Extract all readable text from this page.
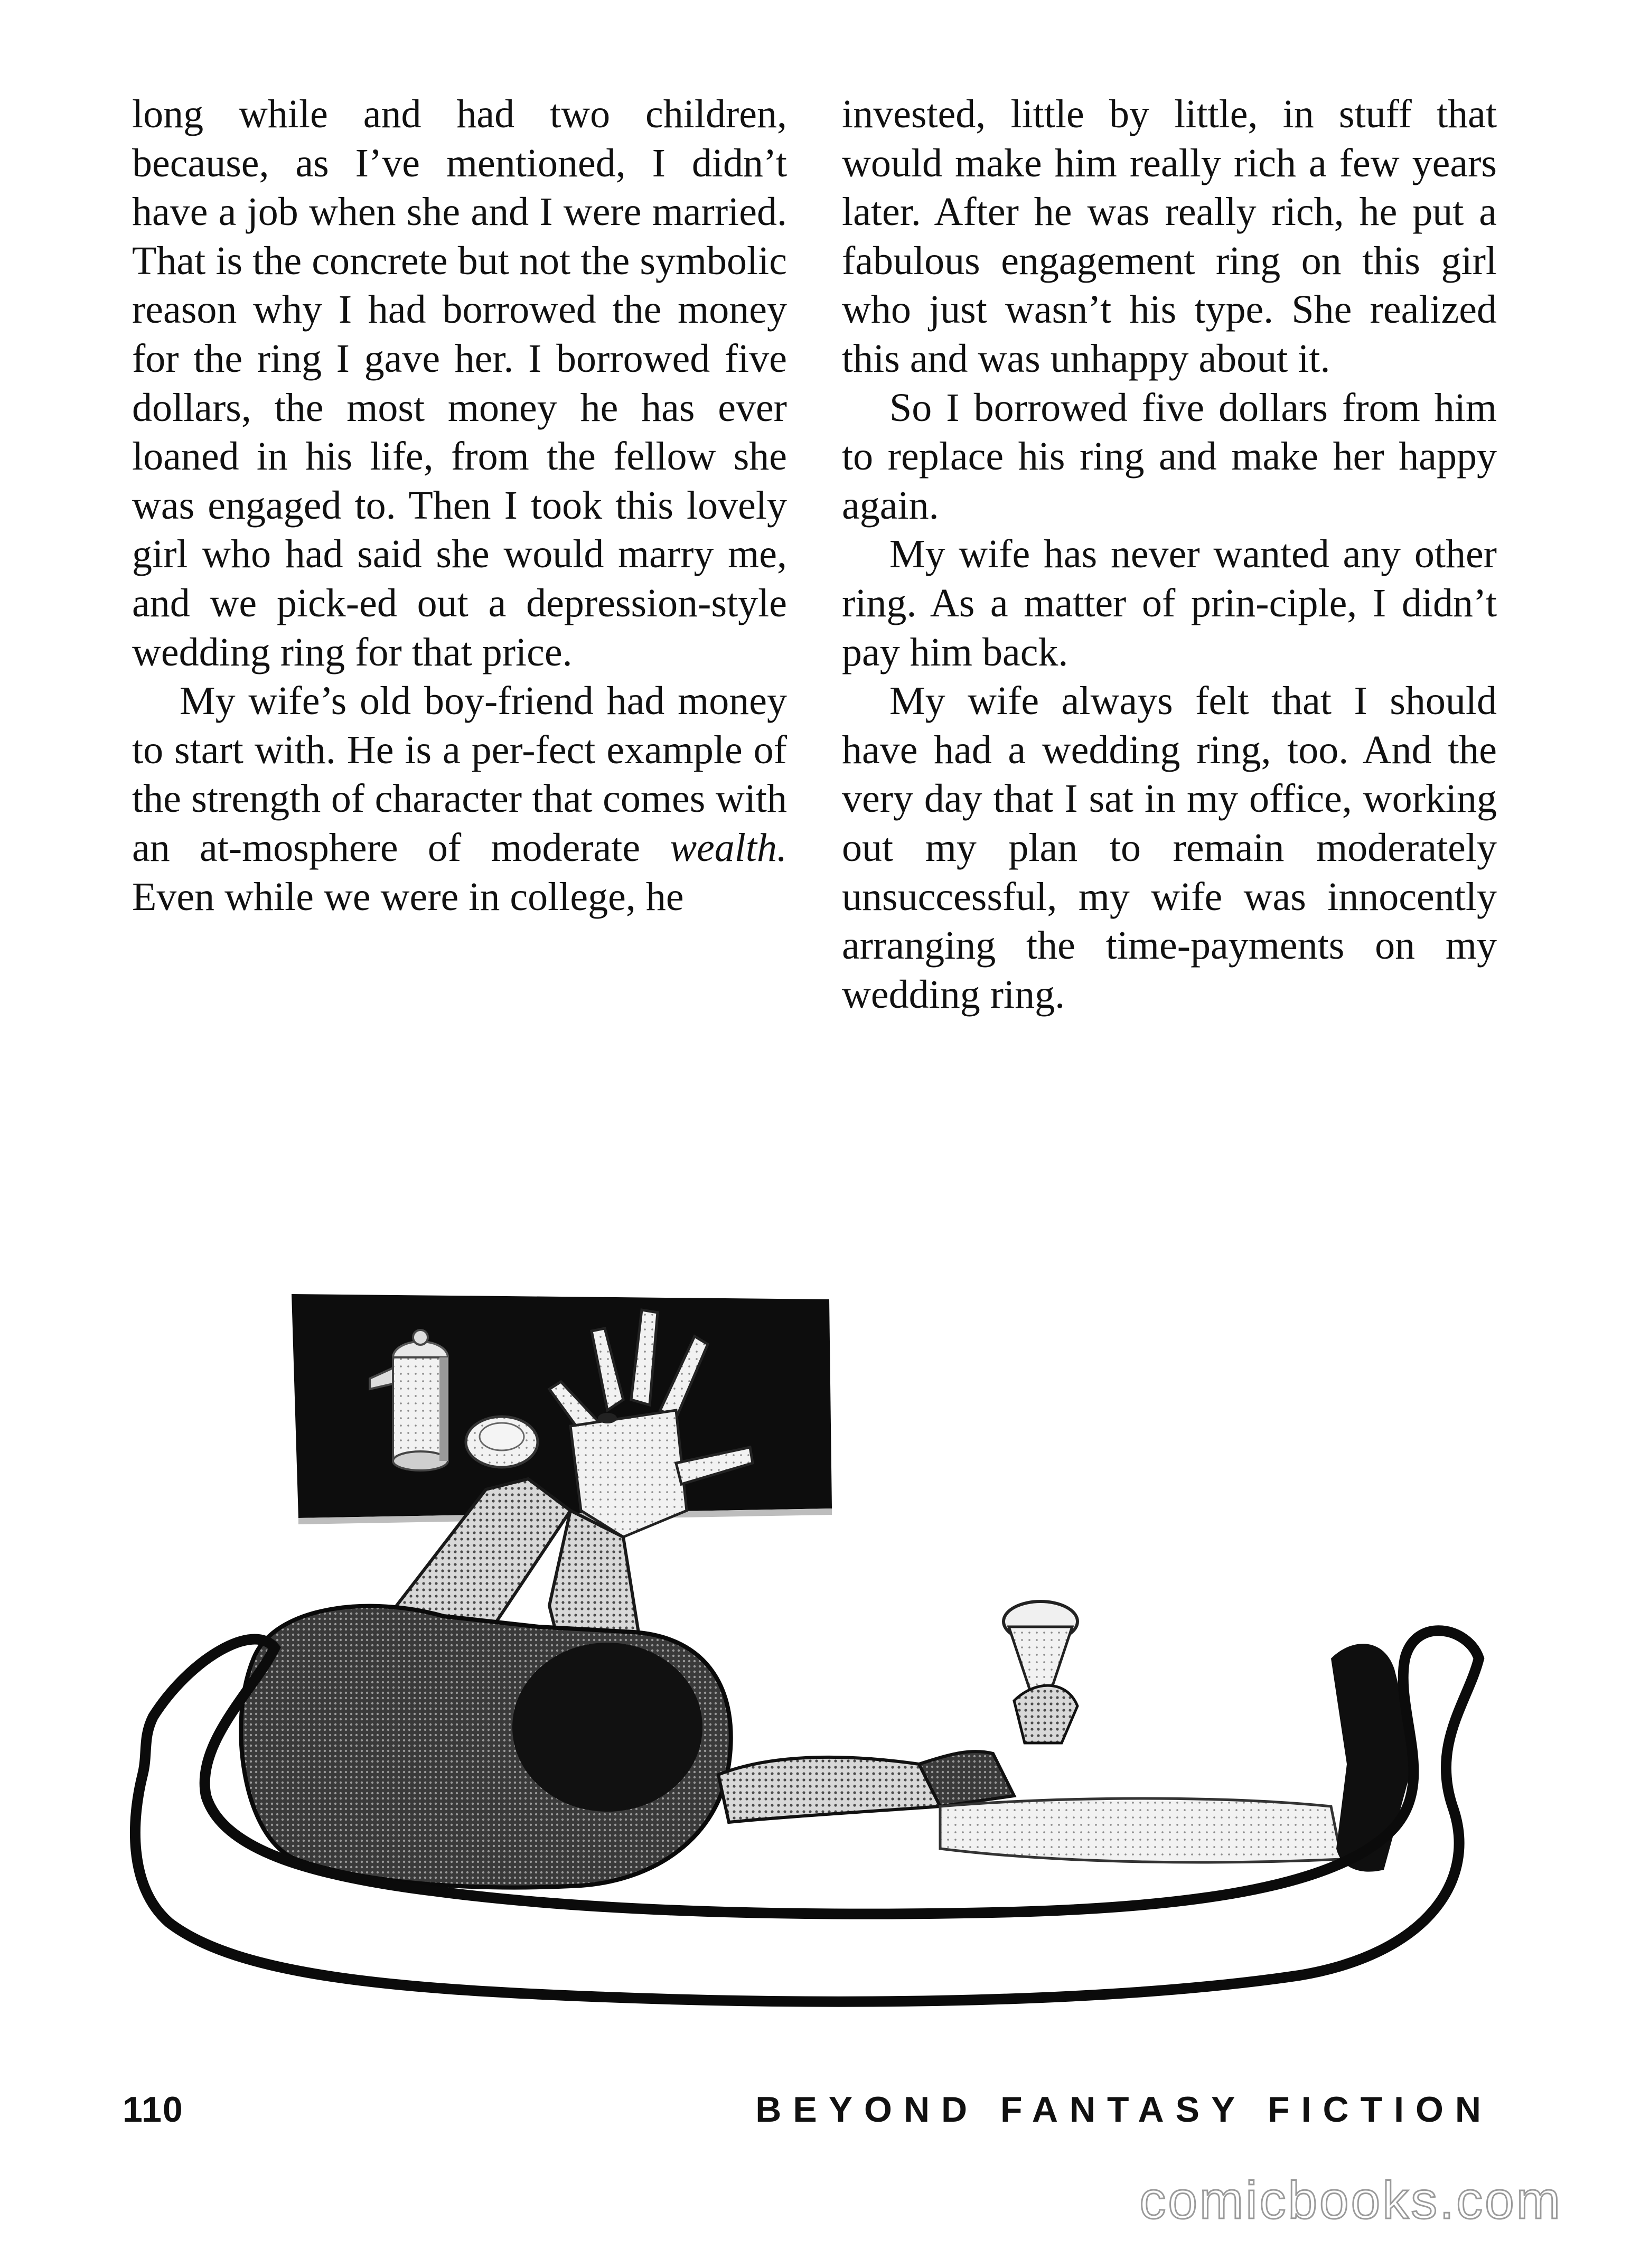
long while and had two children, because, as I’ve mentioned, I didn’t have a job when she and I were married. That is the concrete but not the symbolic reason why I had borrowed the money for the ring I gave her. I borrowed five dollars, the most money he has ever loaned in his life, from the fellow she was engaged to. Then I took this lovely girl who had said she would marry me, and we pick-ed out a depression-style wedding ring for that price.

My wife’s old boy-friend had money to start with. He is a per-fect example of the strength of character that comes with an at-mosphere of moderate wealth. Even while we were in college, he

invested, little by little, in stuff that would make him really rich a few years later. After he was really rich, he put a fabulous engagement ring on this girl who just wasn’t his type. She realized this and was unhappy about it.

So I borrowed five dollars from him to replace his ring and make her happy again.

My wife has never wanted any other ring. As a matter of prin-ciple, I didn’t pay him back.

My wife always felt that I should have had a wedding ring, too. And the very day that I sat in my office, working out my plan to remain moderately unsuccessful, my wife was innocently arranging the time-payments on my wedding ring.

110	BEYOND FANTASY FICTION
comicbooks.com
